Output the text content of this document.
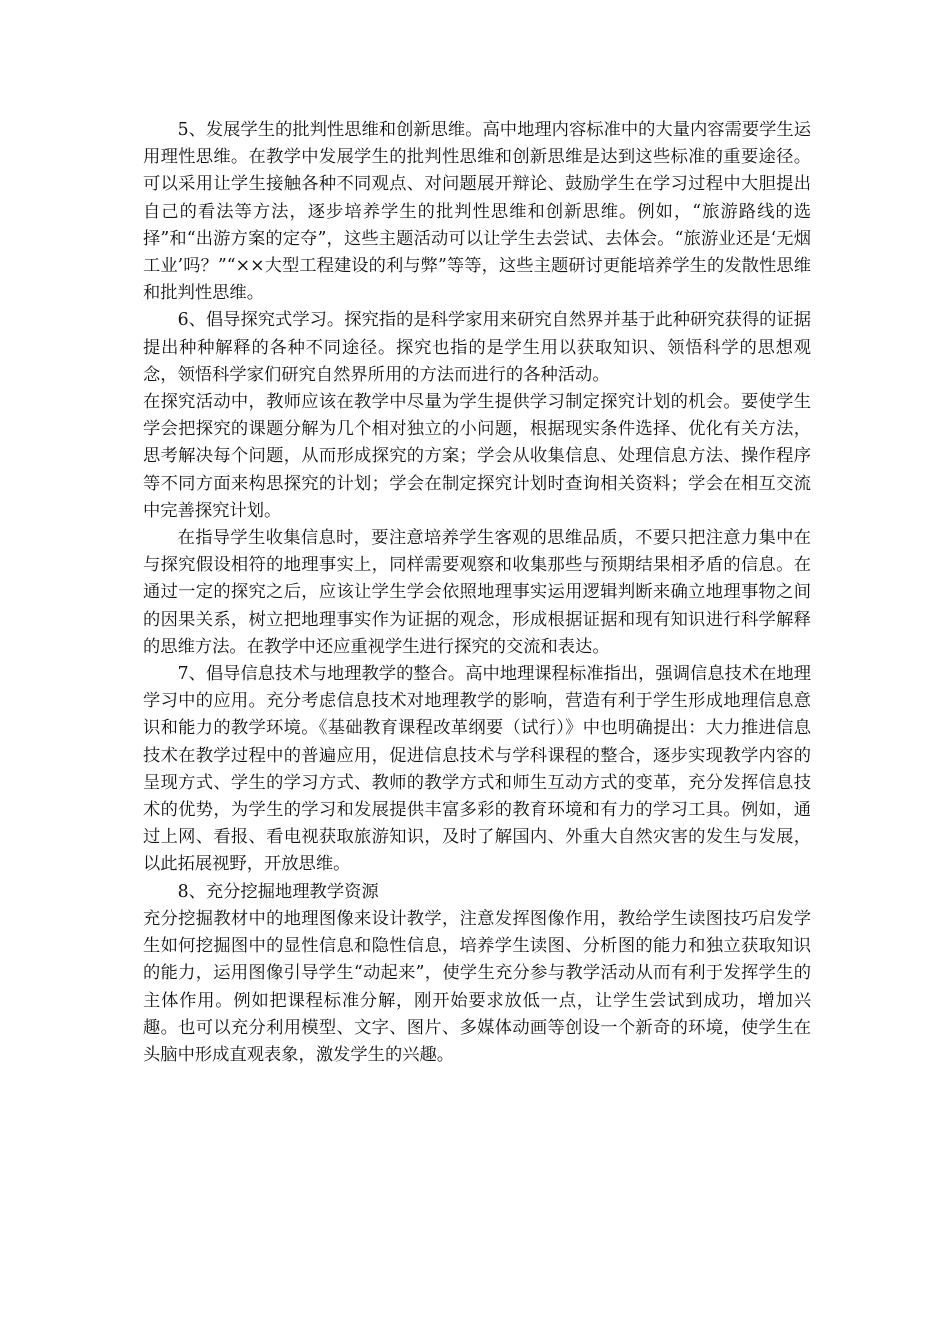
5、发展学生的批判性思维和创新思维。高中地理内容标准中的大量内容需要学生运用理性思维。在教学中发展学生的批判性思维和创新思维是达到这些标准的重要途径。可以采用让学生接触各种不同观点、对问题展开辩论、鼓励学生在学习过程中大胆提出自己的看法等方法，逐步培养学生的批判性思维和创新思维。例如，“旅游路线的选择”和“出游方案的定夺”，这些主题活动可以让学生去尝试、去体会。“旅游业还是‘无烟工业’吗？”“××大型工程建设的利与弊”等等，这些主题研讨更能培养学生的发散性思维和批判性思维。

6、倡导探究式学习。探究指的是科学家用来研究自然界并基于此种研究获得的证据提出种种解释的各种不同途径。探究也指的是学生用以获取知识、领悟科学的思想观念，领悟科学家们研究自然界所用的方法而进行的各种活动。

在探究活动中，教师应该在教学中尽量为学生提供学习制定探究计划的机会。要使学生学会把探究的课题分解为几个相对独立的小问题，根据现实条件选择、优化有关方法，思考解决每个问题，从而形成探究的方案；学会从收集信息、处理信息方法、操作程序等不同方面来构思探究的计划；学会在制定探究计划时查询相关资料；学会在相互交流中完善探究计划。

在指导学生收集信息时，要注意培养学生客观的思维品质，不要只把注意力集中在与探究假设相符的地理事实上，同样需要观察和收集那些与预期结果相矛盾的信息。在通过一定的探究之后，应该让学生学会依照地理事实运用逻辑判断来确立地理事物之间的因果关系，树立把地理事实作为证据的观念，形成根据证据和现有知识进行科学解释的思维方法。在教学中还应重视学生进行探究的交流和表达。

7、倡导信息技术与地理教学的整合。高中地理课程标准指出，强调信息技术在地理学习中的应用。充分考虑信息技术对地理教学的影响，营造有利于学生形成地理信息意识和能力的教学环境。《基础教育课程改革纲要（试行）》中也明确提出：大力推进信息技术在教学过程中的普遍应用，促进信息技术与学科课程的整合，逐步实现教学内容的呈现方式、学生的学习方式、教师的教学方式和师生互动方式的变革，充分发挥信息技术的优势，为学生的学习和发展提供丰富多彩的教育环境和有力的学习工具。例如，通过上网、看报、看电视获取旅游知识，及时了解国内、外重大自然灾害的发生与发展，以此拓展视野，开放思维。

8、充分挖掘地理教学资源

充分挖掘教材中的地理图像来设计教学，注意发挥图像作用，教给学生读图技巧启发学生如何挖掘图中的显性信息和隐性信息，培养学生读图、分析图的能力和独立获取知识的能力，运用图像引导学生“动起来”，使学生充分参与教学活动从而有利于发挥学生的主体作用。例如把课程标准分解，刚开始要求放低一点，让学生尝试到成功，增加兴趣。也可以充分利用模型、文字、图片、多媒体动画等创设一个新奇的环境，使学生在头脑中形成直观表象，激发学生的兴趣。
